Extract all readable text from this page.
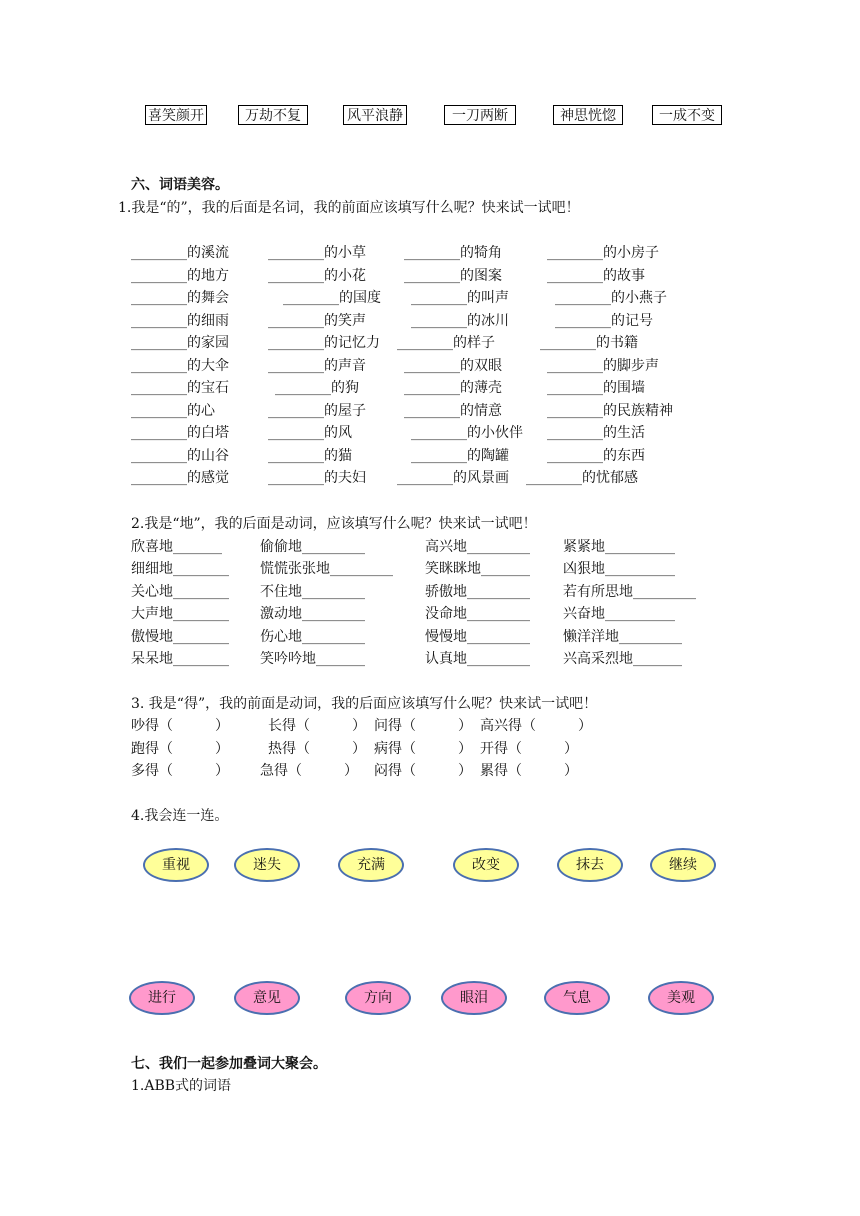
喜笑颜开	万劫不复	风平浪静	一刀两断	神思恍惚	一成不变
六、词语美容。
1.我是“的”，我的后面是名词，我的前面应该填写什么呢？快来试一试吧！
________的溪流	________的小草	________的犄角	________的小房子
________的地方	________的小花	________的图案	________的故事
________的舞会	________的国度 ________的叫声	________的小燕子
________的细雨	________的笑声	________的冰川	________的记号
________的家园	________的记忆力 ________的样子	________的书籍
________的大伞	________的声音	________的双眼	________的脚步声
________的宝石	________的狗	________的薄壳	________的围墙
________的心	________的屋子	________的情意	________的民族精神
________的白塔	________的风	________的小伙伴 ________的生活
________的山谷	________的猫	________的陶罐	________的东西
________的感觉	________的夫妇 ________的风景画 ________的忧郁感
2.我是“地”，我的后面是动词，应该填写什么呢？快来试一试吧！
欣喜地_______	偷偷地_________	高兴地_________ 紧紧地__________
细细地________ 慌慌张张地_________ 笑眯眯地_______ 凶狠地__________
关心地________ 不住地_________	骄傲地_________ 若有所思地_________
大声地________ 激动地_________	没命地_________ 兴奋地__________
傲慢地________ 伤心地_________	慢慢地_________ 懒洋洋地_________
呆呆地________ 笑吟吟地_______	认真地_________ 兴高采烈地_______
3. 我是“得”，我的前面是动词，我的后面应该填写什么呢？快来试一试吧！
吵得（　　　）	长得（　　　） 问得（　　　） 高兴得（　　　）
跑得（　　　）	热得（　　　） 病得（　　　） 开得（　　　）
多得（　　　） 急得（　　　） 闷得（　　　） 累得（　　　）
4.我会连一连。
重视	迷失	充满	改变	抹去	继续
进行	意见	方向	眼泪	气息	美观
七、我们一起参加叠词大聚会。
1.ABB式的词语
